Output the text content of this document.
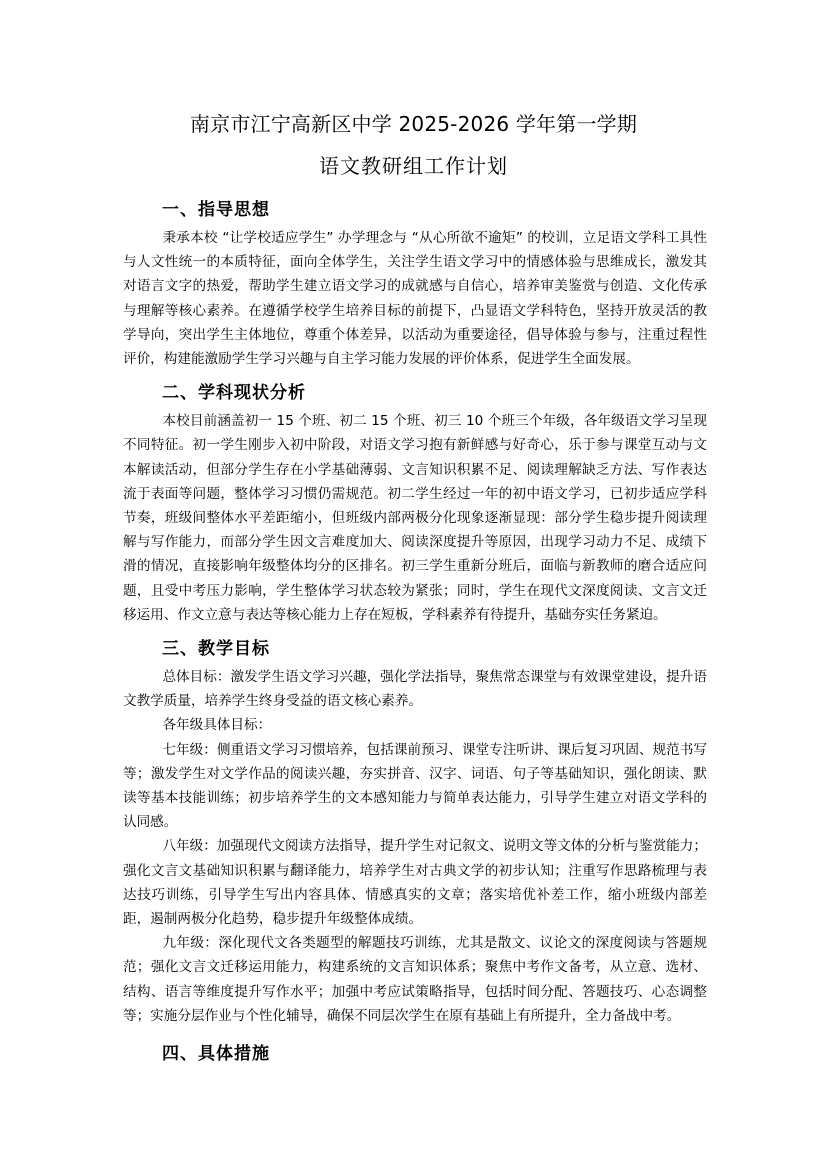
南京市江宁高新区中学 2025-2026 学年第一学期
语文教研组工作计划
一、指导思想

秉承本校 “让学校适应学生” 办学理念与 “从心所欲不逾矩” 的校训，立足语文学科工具性与人文性统一的本质特征，面向全体学生，关注学生语文学习中的情感体验与思维成长，激发其对语言文字的热爱，帮助学生建立语文学习的成就感与自信心，培养审美鉴赏与创造、文化传承与理解等核心素养。在遵循学校学生培养目标的前提下，凸显语文学科特色，坚持开放灵活的教学导向，突出学生主体地位，尊重个体差异，以活动为重要途径，倡导体验与参与，注重过程性评价，构建能激励学生学习兴趣与自主学习能力发展的评价体系，促进学生全面发展。

二、学科现状分析

本校目前涵盖初一 15 个班、初二 15 个班、初三 10 个班三个年级，各年级语文学习呈现不同特征。初一学生刚步入初中阶段，对语文学习抱有新鲜感与好奇心，乐于参与课堂互动与文本解读活动，但部分学生存在小学基础薄弱、文言知识积累不足、阅读理解缺乏方法、写作表达流于表面等问题，整体学习习惯仍需规范。初二学生经过一年的初中语文学习，已初步适应学科节奏，班级间整体水平差距缩小，但班级内部两极分化现象逐渐显现：部分学生稳步提升阅读理解与写作能力，而部分学生因文言难度加大、阅读深度提升等原因，出现学习动力不足、成绩下滑的情况，直接影响年级整体均分的区排名。初三学生重新分班后，面临与新教师的磨合适应问题，且受中考压力影响，学生整体学习状态较为紧张；同时，学生在现代文深度阅读、文言文迁移运用、作文立意与表达等核心能力上存在短板，学科素养有待提升，基础夯实任务紧迫。

三、教学目标

总体目标：激发学生语文学习兴趣，强化学法指导，聚焦常态课堂与有效课堂建设，提升语文教学质量，培养学生终身受益的语文核心素养。

各年级具体目标：

七年级：侧重语文学习习惯培养，包括课前预习、课堂专注听讲、课后复习巩固、规范书写等；激发学生对文学作品的阅读兴趣，夯实拼音、汉字、词语、句子等基础知识，强化朗读、默读等基本技能训练；初步培养学生的文本感知能力与简单表达能力，引导学生建立对语文学科的认同感。

八年级：加强现代文阅读方法指导，提升学生对记叙文、说明文等文体的分析与鉴赏能力；强化文言文基础知识积累与翻译能力，培养学生对古典文学的初步认知；注重写作思路梳理与表达技巧训练，引导学生写出内容具体、情感真实的文章；落实培优补差工作，缩小班级内部差距，遏制两极分化趋势，稳步提升年级整体成绩。

九年级：深化现代文各类题型的解题技巧训练，尤其是散文、议论文的深度阅读与答题规范；强化文言文迁移运用能力，构建系统的文言知识体系；聚焦中考作文备考，从立意、选材、结构、语言等维度提升写作水平；加强中考应试策略指导，包括时间分配、答题技巧、心态调整等；实施分层作业与个性化辅导，确保不同层次学生在原有基础上有所提升，全力备战中考。

四、具体措施
